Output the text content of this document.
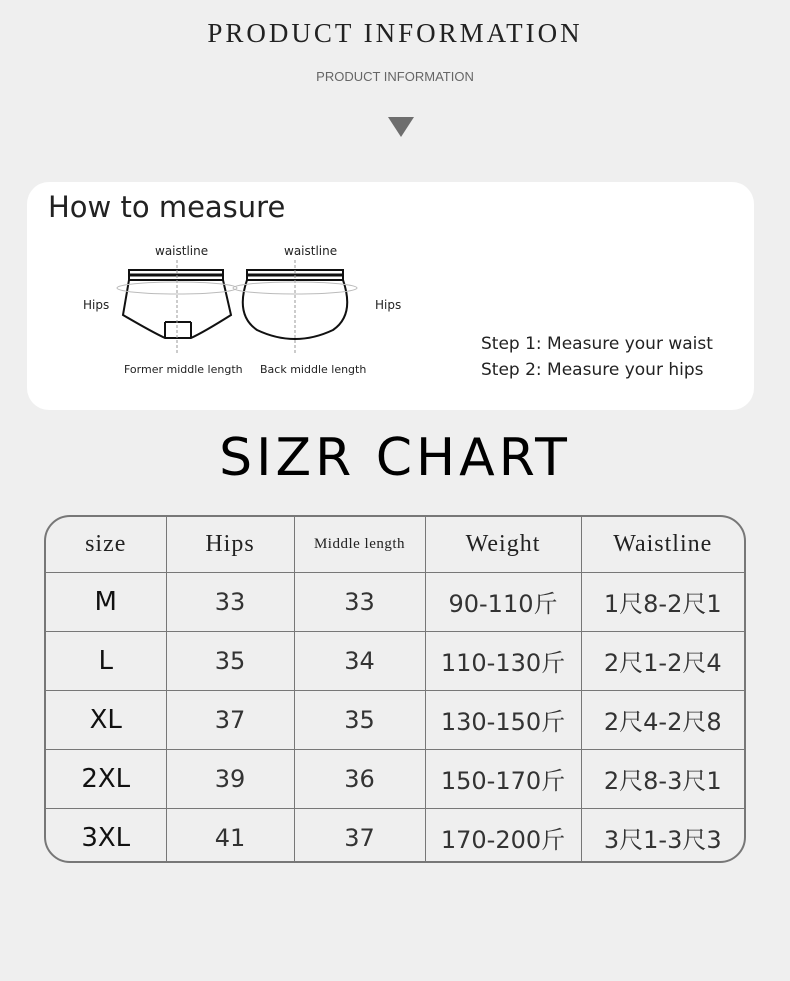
PRODUCT INFORMATION
PRODUCT INFORMATION
How to measure
waistline	waistline
Hips	Hips
Former middle length Back middle length
Step 1: Measure your waist
Step 2: Measure your hips
SIZR CHART
size	Hips	Middle length	Weight	Waistline
M	33	33	90-110斤	1尺8-2尺1
L	35	34	110-130斤	2尺1-2尺4
XL	37	35	130-150斤	2尺4-2尺8
2XL	39	36	150-170斤	2尺8-3尺1
3XL	41	37	170-200斤	3尺1-3尺3
